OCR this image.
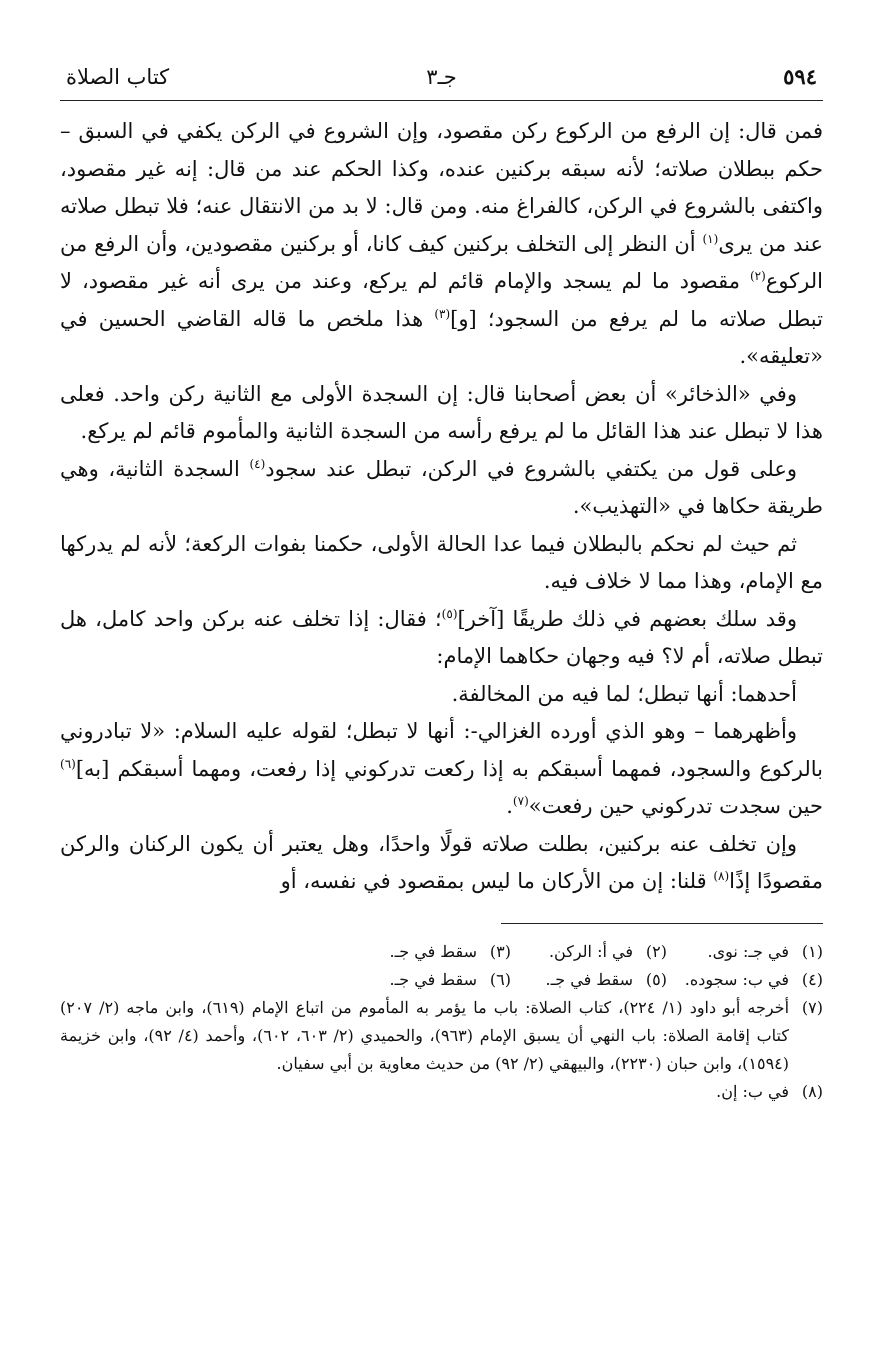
٥٩٤
جـ٣
كتاب الصلاة

فمن قال: إن الرفع من الركوع ركن مقصود، وإن الشروع في الركن يكفي في السبق – حكم ببطلان صلاته؛ لأنه سبقه بركنين عنده، وكذا الحكم عند من قال: إنه غير مقصود، واكتفى بالشروع في الركن، كالفراغ منه. ومن قال: لا بد من الانتقال عنه؛ فلا تبطل صلاته عند من يرى$^{(١)}$ أن النظر إلى التخلف بركنين كيف كانا، أو بركنين مقصودين، وأن الرفع من الركوع$^{(٢)}$ مقصود ما لم يسجد والإمام قائم لم يركع، وعند من يرى أنه غير مقصود، لا تبطل صلاته ما لم يرفع من السجود؛ [و]$^{(٣)}$ هذا ملخص ما قاله القاضي الحسين في «تعليقه».

وفي «الذخائر» أن بعض أصحابنا قال: إن السجدة الأولى مع الثانية ركن واحد. فعلى هذا لا تبطل عند هذا القائل ما لم يرفع رأسه من السجدة الثانية والمأموم قائم لم يركع.

وعلى قول من يكتفي بالشروع في الركن، تبطل عند سجود$^{(٤)}$ السجدة الثانية، وهي طريقة حكاها في «التهذيب».

ثم حيث لم نحكم بالبطلان فيما عدا الحالة الأولى، حكمنا بفوات الركعة؛ لأنه لم يدركها مع الإمام، وهذا مما لا خلاف فيه.

وقد سلك بعضهم في ذلك طريقًا [آخر]$^{(٥)}$؛ فقال: إذا تخلف عنه بركن واحد كامل، هل تبطل صلاته، أم لا؟ فيه وجهان حكاهما الإمام:

أحدهما: أنها تبطل؛ لما فيه من المخالفة.

وأظهرهما – وهو الذي أورده الغزالي-: أنها لا تبطل؛ لقوله عليه السلام: «لا تبادروني بالركوع والسجود، فمهما أسبقكم به إذا ركعت تدركوني إذا رفعت، ومهما أسبقكم [به]$^{(٦)}$ حين سجدت تدركوني حين رفعت»$^{(٧)}$.

وإن تخلف عنه بركنين، بطلت صلاته قولًا واحدًا، وهل يعتبر أن يكون الركنان والركن مقصودًا إذًا$^{(٨)}$ قلنا: إن من الأركان ما ليس بمقصود في نفسه، أو

(١)في جـ: نوى.
(٢)في أ: الركن.
(٣)سقط في جـ.
(٤)في ب: سجوده.
(٥)سقط في جـ.
(٦)سقط في جـ.
(٧)
أخرجه أبو داود (١/ ٢٢٤)، كتاب الصلاة: باب ما يؤمر به المأموم من اتباع الإمام (٦١٩)، وابن ماجه (٢/ ٢٠٧) كتاب إقامة الصلاة: باب النهي أن يسبق الإمام (٩٦٣)، والحميدي (٢/ ٦٠٣، ٦٠٢)، وأحمد (٤/ ٩٢)، وابن خزيمة (١٥٩٤)، وابن حبان (٢٢٣٠)، والبيهقي (٢/ ٩٢) من حديث معاوية بن أبي سفيان.
(٨)
في ب: إن.
